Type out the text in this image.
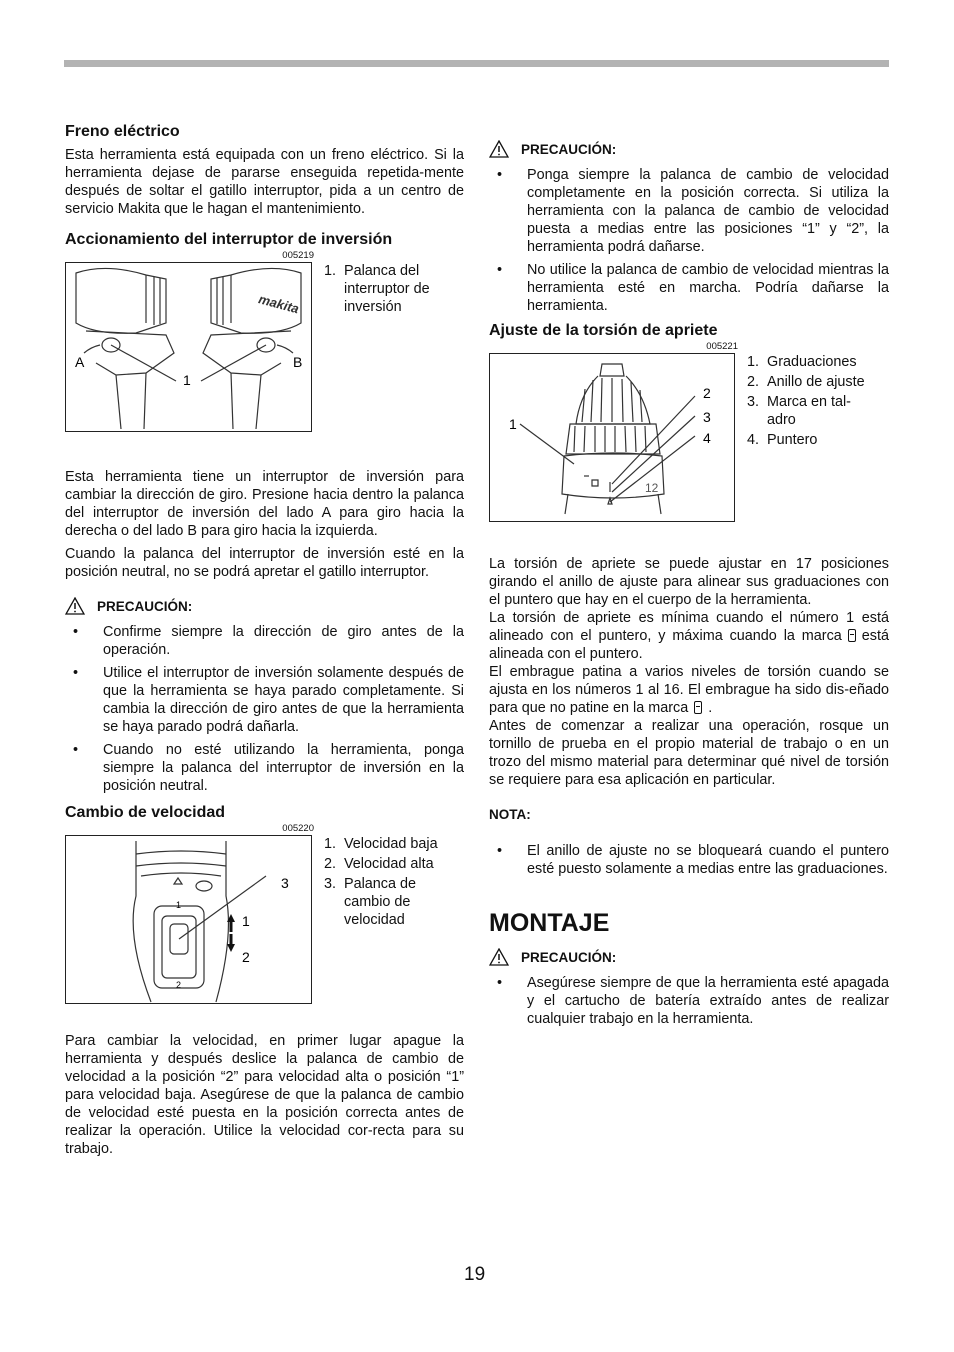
Freno eléctrico

Esta herramienta está equipada con un freno eléctrico. Si la herramienta dejase de pararse enseguida repetida-mente después de soltar el gatillo interruptor, pida a un centro de servicio Makita que le hagan el mantenimiento.

Accionamiento del interruptor de inversión
005219
makita
A	B
1
1. Palanca del interruptor de inversión

Esta herramienta tiene un interruptor de inversión para cambiar la dirección de giro. Presione hacia dentro la palanca del interruptor de inversión del lado A para giro hacia la derecha o del lado B para giro hacia la izquierda.

Cuando la palanca del interruptor de inversión esté en la posición neutral, no se podrá apretar el gatillo interruptor.

PRECAUCIÓN:
•	Confirme siempre la dirección de giro antes de la operación.
•	Utilice el interruptor de inversión solamente después de que la herramienta se haya parado completamente. Si cambia la dirección de giro antes de que la herramienta se haya parado podrá dañarla.
•	Cuando no esté utilizando la herramienta, ponga siempre la palanca del interruptor de inversión en la posición neutral.
Cambio de velocidad
005220
3
1
2
1
2
1. Velocidad baja
2. Velocidad alta
3. Palanca de cambio de velocidad

Para cambiar la velocidad, en primer lugar apague la herramienta y después deslice la palanca de cambio de velocidad a la posición “2” para velocidad alta o posición “1” para velocidad baja. Asegúrese de que la palanca de cambio de velocidad esté puesta en la posición correcta antes de realizar la operación. Utilice la velocidad cor-recta para su trabajo.

PRECAUCIÓN:
•	Ponga siempre la palanca de cambio de velocidad completamente en la posición correcta. Si utiliza la herramienta con la palanca de cambio de velocidad puesta a medias entre las posiciones “1” y “2”, la herramienta podrá dañarse.
•	No utilice la palanca de cambio de velocidad mientras la herramienta esté en marcha. Podría dañarse la herramienta.
Ajuste de la torsión de apriete
005221
1
2
3
4
12
1. Graduaciones
2. Anillo de ajuste
3. Marca en tal-adro
4. Puntero

La torsión de apriete se puede ajustar en 17 posiciones girando el anillo de ajuste para alinear sus graduaciones con el puntero que hay en el cuerpo de la herramienta.

La torsión de apriete es mínima cuando el número 1 está alineado con el puntero, y máxima cuando la marca está alineada con el puntero.

El embrague patina a varios niveles de torsión cuando se ajusta en los números 1 al 16. El embrague ha sido dis-eñado para que no patine en la marca .

Antes de comenzar a realizar una operación, rosque un tornillo de prueba en el propio material de trabajo o en un trozo del mismo material para determinar qué nivel de torsión se requiere para esa aplicación en particular.

NOTA:
•	El anillo de ajuste no se bloqueará cuando el puntero esté puesto solamente a medias entre las graduaciones.
MONTAJE
PRECAUCIÓN:
•	Asegúrese siempre de que la herramienta esté apagada y el cartucho de batería extraído antes de realizar cualquier trabajo en la herramienta.
19
